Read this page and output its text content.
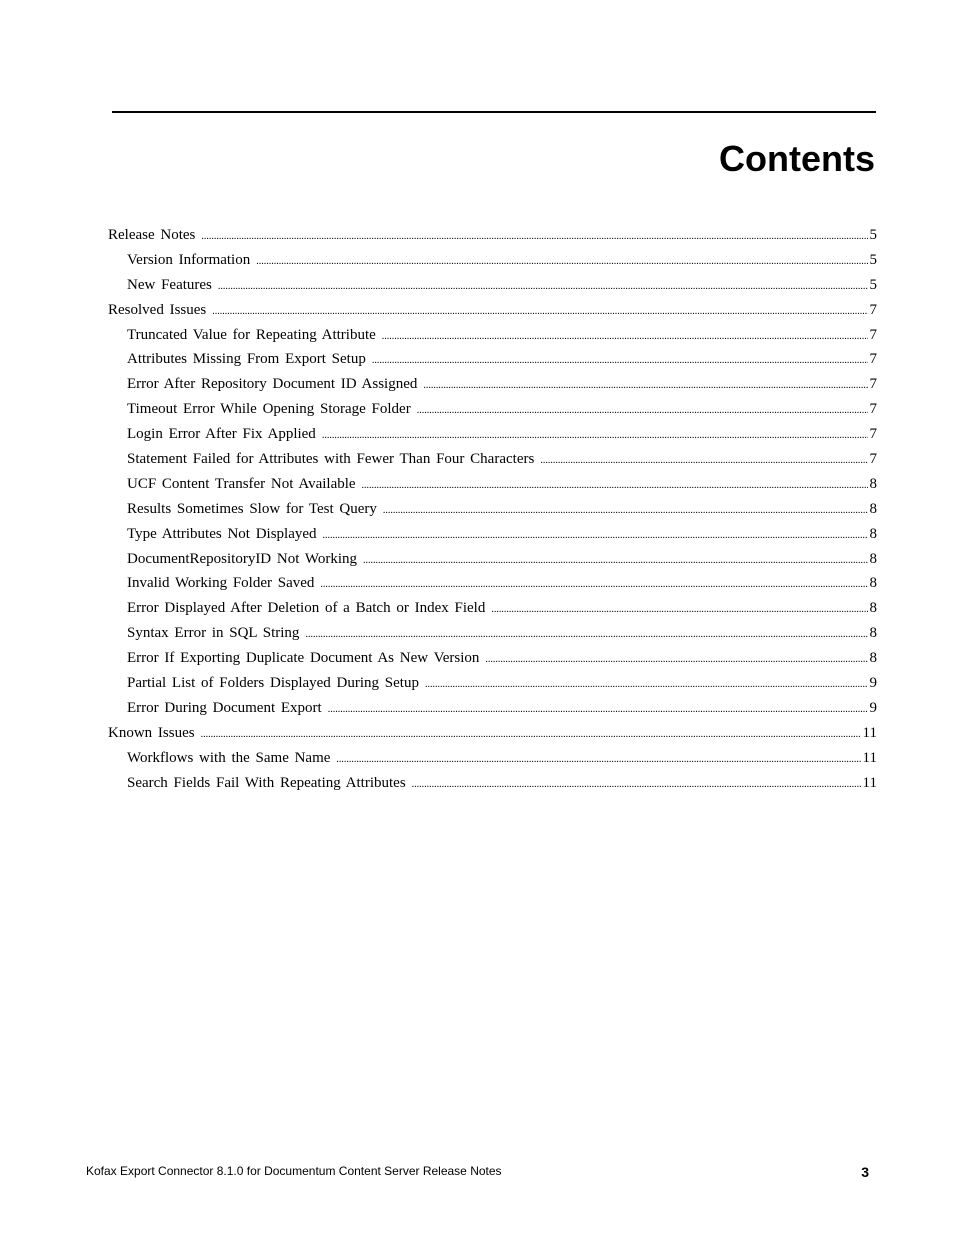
Contents
Release Notes .....	5
Version Information .....	5
New Features .....	5
Resolved Issues .....	7
Truncated Value for Repeating Attribute .....	7
Attributes Missing From Export Setup .....	7
Error After Repository Document ID Assigned .....	7
Timeout Error While Opening Storage Folder .....	7
Login Error After Fix Applied .....	7
Statement Failed for Attributes with Fewer Than Four Characters .....	7
UCF Content Transfer Not Available .....	8
Results Sometimes Slow for Test Query .....	8
Type Attributes Not Displayed .....	8
DocumentRepositoryID Not Working .....	8
Invalid Working Folder Saved .....	8
Error Displayed After Deletion of a Batch or Index Field .....	8
Syntax Error in SQL String .....	8
Error If Exporting Duplicate Document As New Version .....	8
Partial List of Folders Displayed During Setup .....	9
Error During Document Export .....	9
Known Issues .....	11
Workflows with the Same Name .....	11
Search Fields Fail With Repeating Attributes .....	11
Kofax Export Connector 8.1.0 for Documentum Content Server Release Notes	3
